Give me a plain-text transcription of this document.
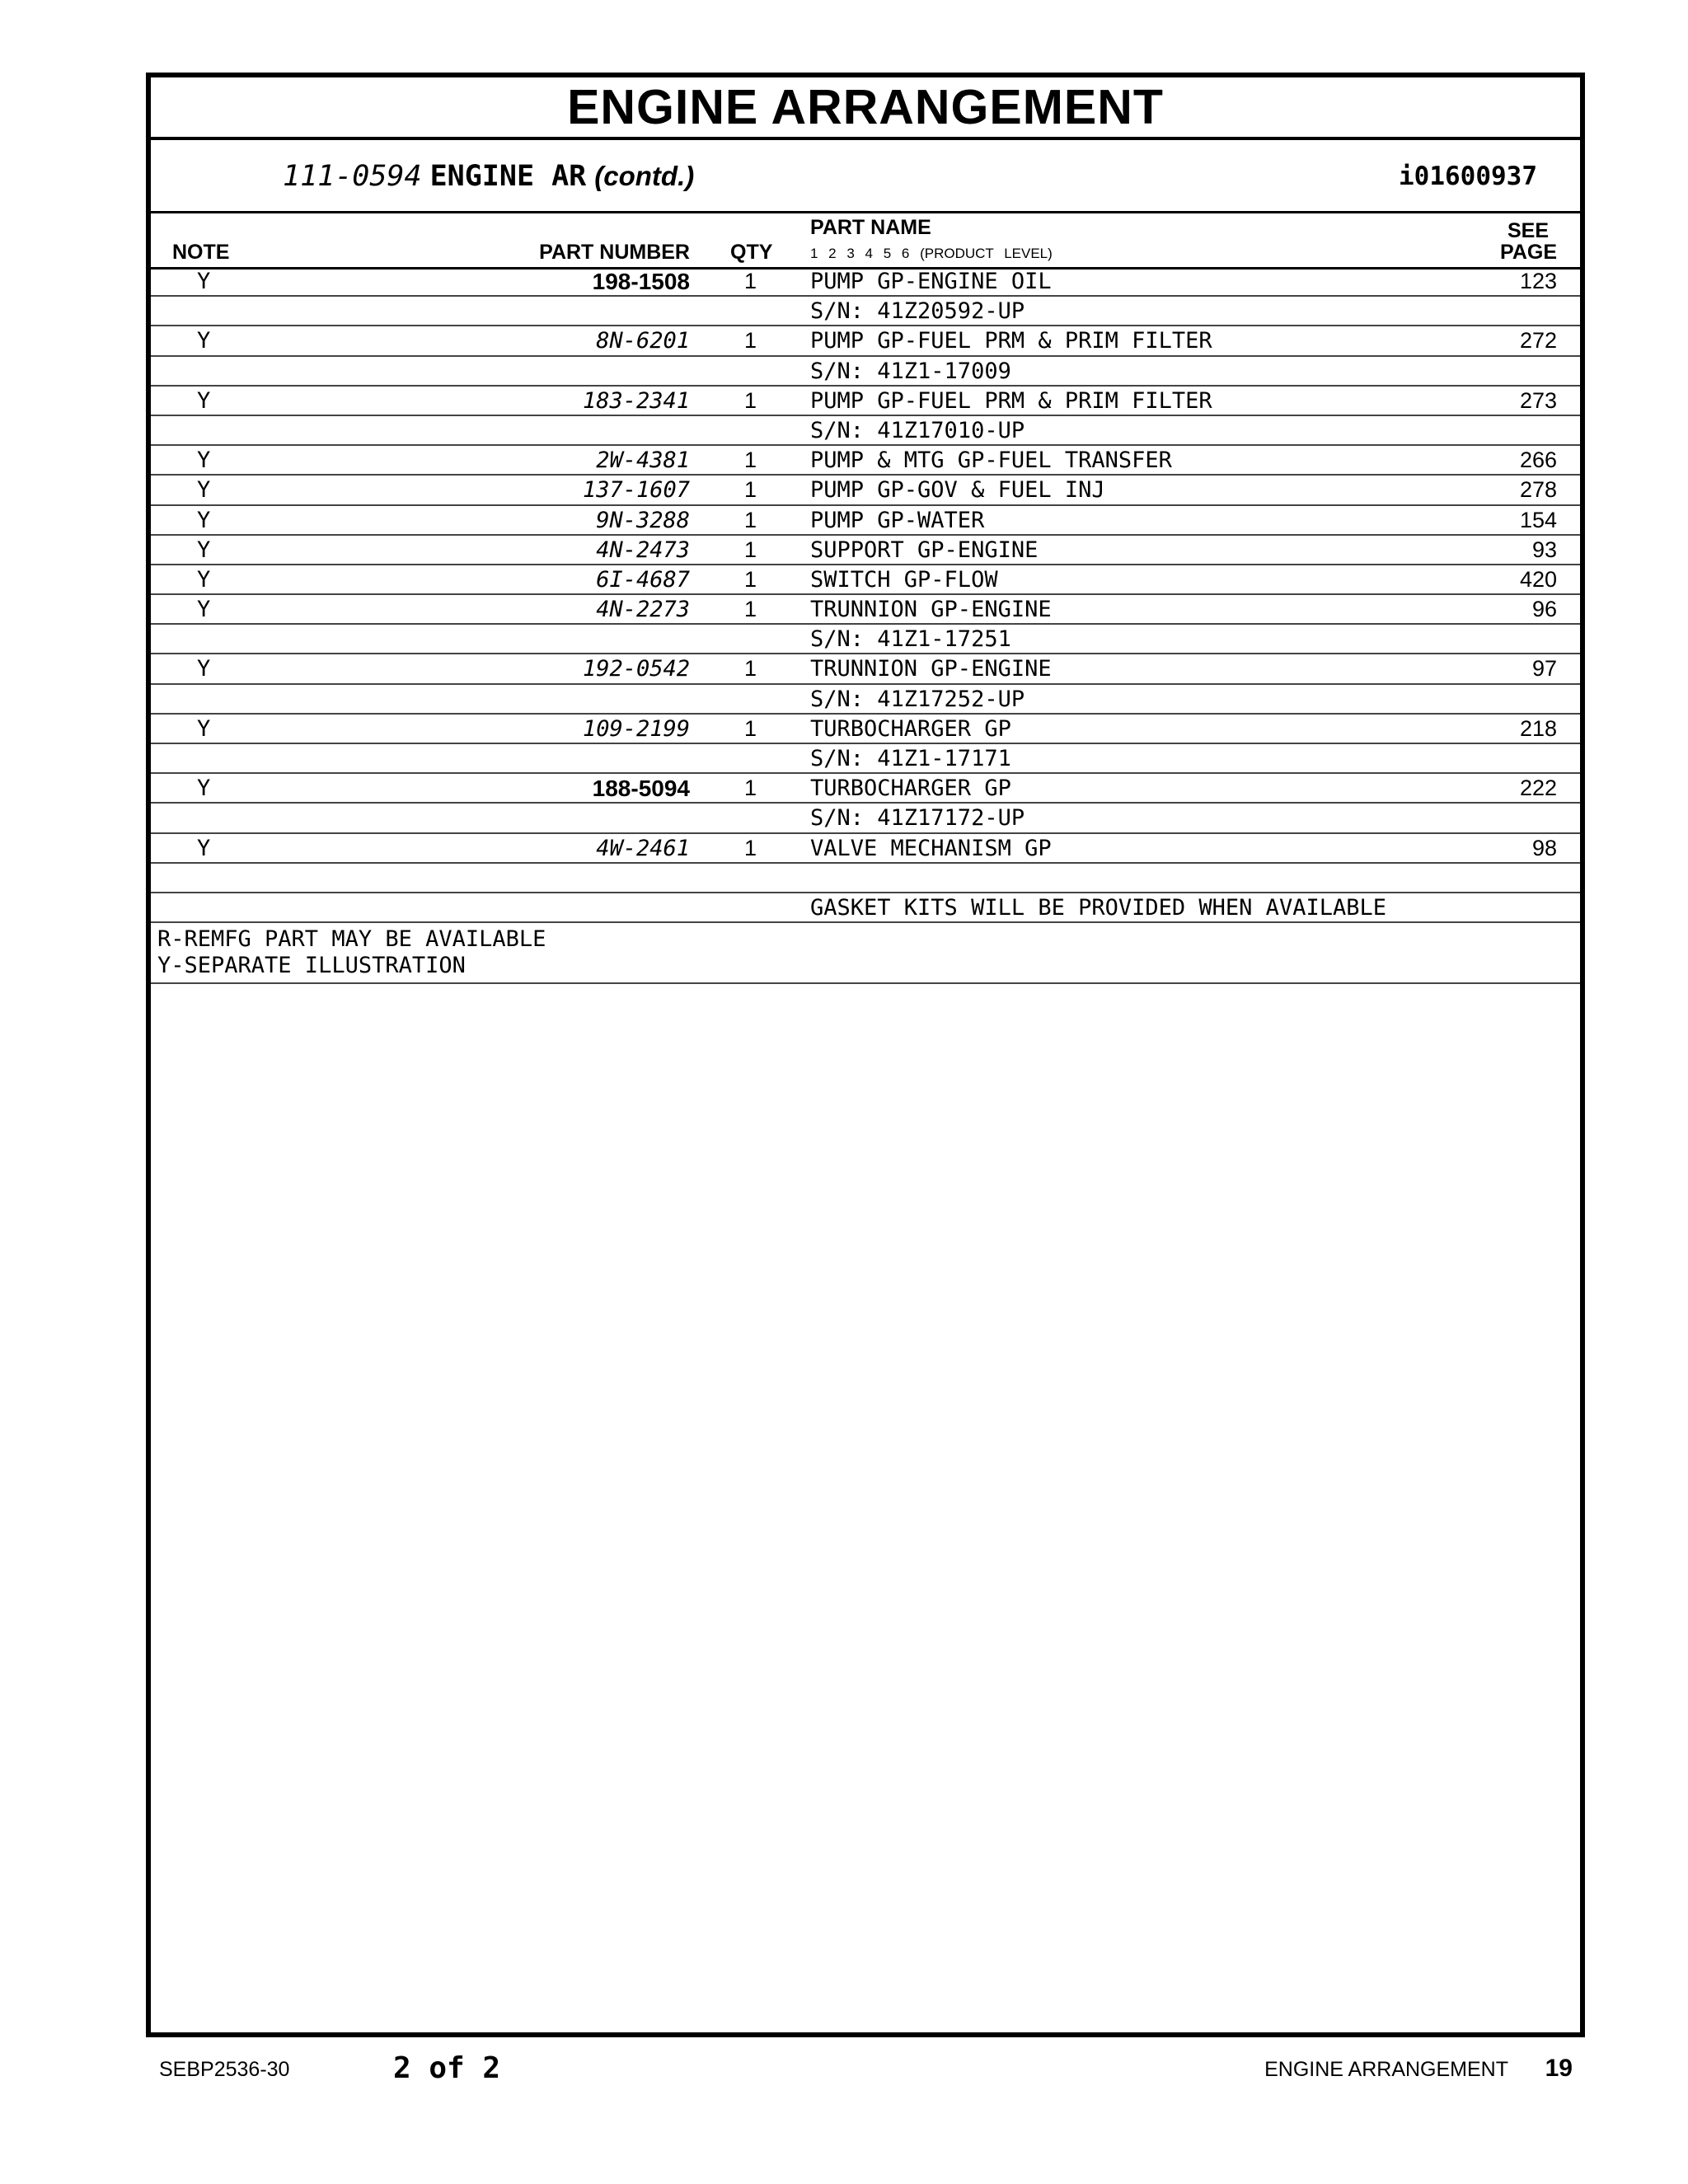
ENGINE ARRANGEMENT
111-0594 ENGINE AR (contd.)	i01600937
NOTE	PART NUMBER QTY
PART NAME
1 2 3 4 5 6 (PRODUCT LEVEL)
SEE
PAGE
Y	198-1508 1 PUMP GP-ENGINE OIL	123
S/N: 41Z20592-UP
Y	8N-6201 1 PUMP GP-FUEL PRM & PRIM FILTER	272
S/N: 41Z1-17009
Y	183-2341 1 PUMP GP-FUEL PRM & PRIM FILTER	273
S/N: 41Z17010-UP
Y	2W-4381 1 PUMP & MTG GP-FUEL TRANSFER	266
Y	137-1607 1 PUMP GP-GOV & FUEL INJ	278
Y	9N-3288 1 PUMP GP-WATER	154
Y	4N-2473 1 SUPPORT GP-ENGINE	93
Y	6I-4687 1 SWITCH GP-FLOW	420
Y	4N-2273 1 TRUNNION GP-ENGINE	96
S/N: 41Z1-17251
Y	192-0542 1 TRUNNION GP-ENGINE	97
S/N: 41Z17252-UP
Y	109-2199 1 TURBOCHARGER GP	218
S/N: 41Z1-17171
Y	188-5094 1 TURBOCHARGER GP	222
S/N: 41Z17172-UP
Y	4W-2461 1 VALVE MECHANISM GP	98
GASKET KITS WILL BE PROVIDED WHEN AVAILABLE
R-REMFG PART MAY BE AVAILABLE
Y-SEPARATE ILLUSTRATION
SEBP2536-30	2 of 2	ENGINE ARRANGEMENT 19
